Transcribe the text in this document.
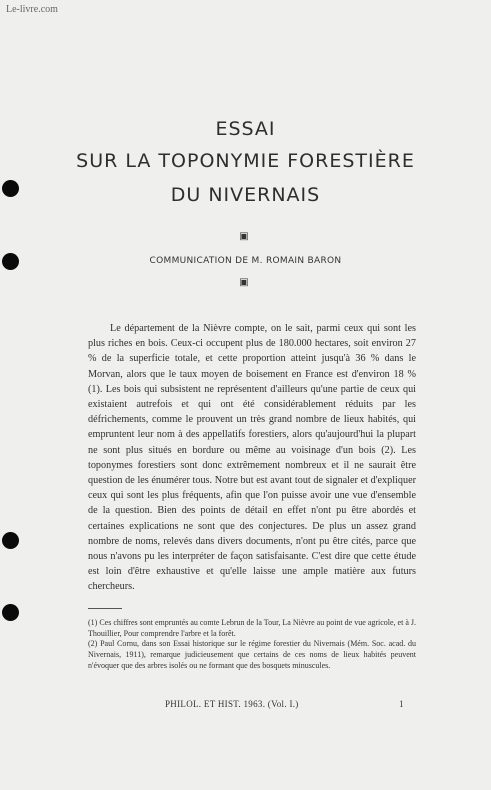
Le-livre.com
ESSAI
SUR LA TOPONYMIE FORESTIÈRE
DU NIVERNAIS
▣
COMMUNICATION DE M. ROMAIN BARON
▣

Le département de la Nièvre compte, on le sait, parmi ceux qui sont les plus riches en bois. Ceux-ci occupent plus de 180.000 hectares, soit environ 27 % de la superficie totale, et cette proportion atteint jusqu'à 36 % dans le Morvan, alors que le taux moyen de boisement en France est d'environ 18 % (1). Les bois qui subsistent ne représentent d'ailleurs qu'une partie de ceux qui existaient autrefois et qui ont été considérablement réduits par les défrichements, comme le prouvent un très grand nombre de lieux habités, qui empruntent leur nom à des appellatifs forestiers, alors qu'aujourd'hui la plupart ne sont plus situés en bordure ou même au voisinage d'un bois (2). Les toponymes forestiers sont donc extrêmement nombreux et il ne saurait être question de les énumérer tous. Notre but est avant tout de signaler et d'expliquer ceux qui sont les plus fréquents, afin que l'on puisse avoir une vue d'ensemble de la question. Bien des points de détail en effet n'ont pu être abordés et certaines explications ne sont que des conjectures. De plus un assez grand nombre de noms, relevés dans divers documents, n'ont pu être cités, parce que nous n'avons pu les interpréter de façon satisfaisante. C'est dire que cette étude est loin d'être exhaustive et qu'elle laisse une ample matière aux futurs chercheurs.

(1) Ces chiffres sont empruntés au comte Lebrun de la Tour, La Nièvre au point de vue agricole, et à J. Thouillier, Pour comprendre l'arbre et la forêt.
(2) Paul Cornu, dans son Essai historique sur le régime forestier du Nivernais (Mém. Soc. acad. du Nivernais, 1911), remarque judicieusement que certains de ces noms de lieux habités peuvent n'évoquer que des arbres isolés ou ne formant que des bosquets minuscules.
PHILOL. ET HIST. 1963. (Vol. I.)	1
